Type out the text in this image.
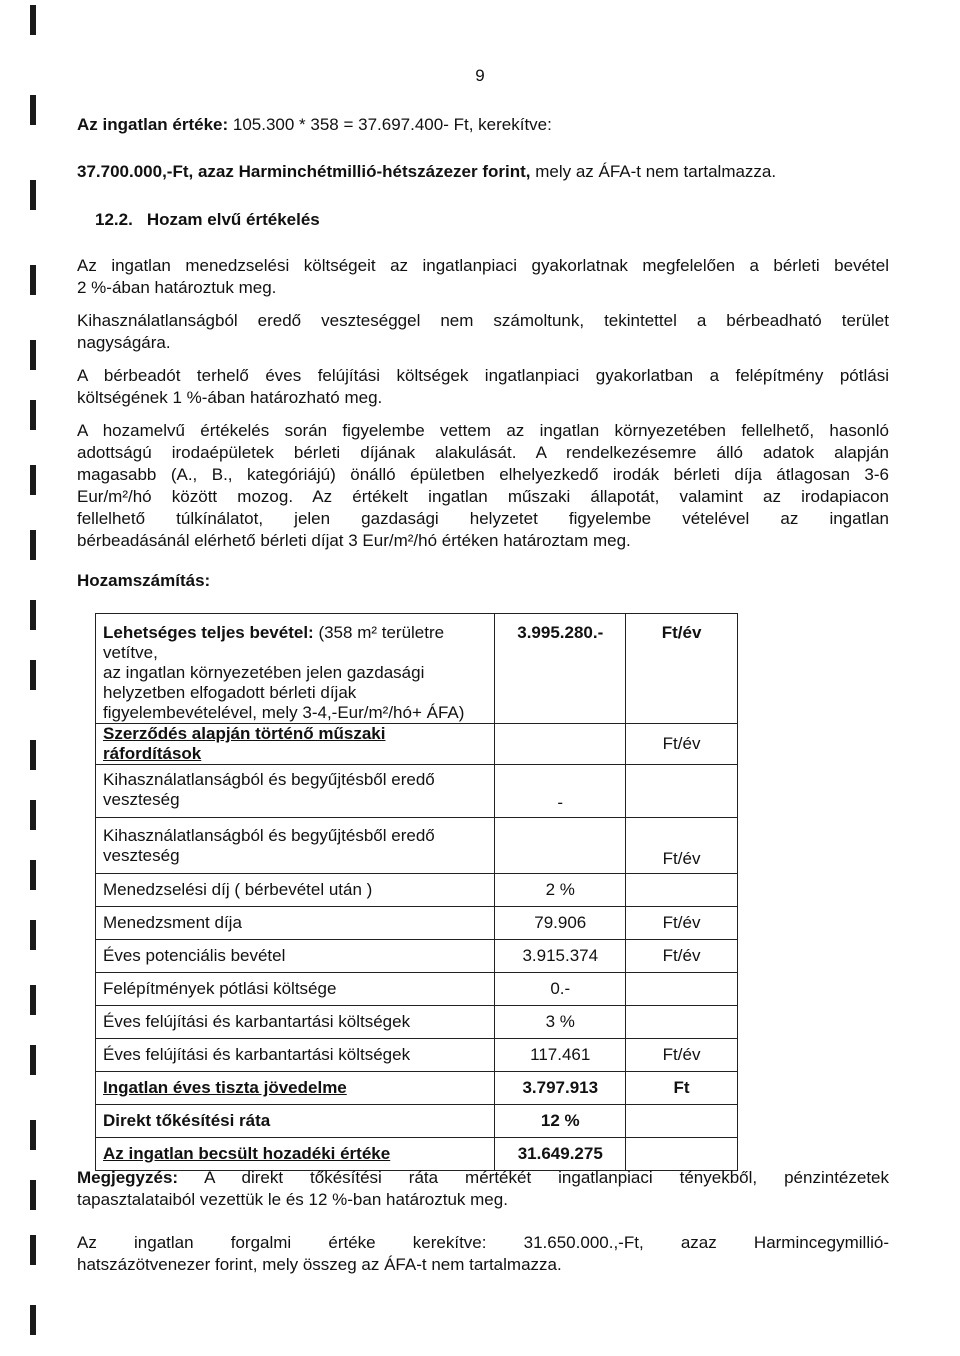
9
Az ingatlan értéke: 105.300 * 358 = 37.697.400- Ft, kerekítve:
37.700.000,-Ft, azaz Harminchétmillió-hétszázezer forint, mely az ÁFA-t nem tartalmazza.
12.2. Hozam elvű értékelés
Az ingatlan menedzselési költségeit az ingatlanpiaci gyakorlatnak megfelelően a bérleti bevétel
2 %-ában határoztuk meg.
Kihasználatlanságból eredő veszteséggel nem számoltunk, tekintettel a bérbeadható terület
nagyságára.
A bérbeadót terhelő éves felújítási költségek ingatlanpiaci gyakorlatban a felépítmény pótlási
költségének 1 %-ában határozható meg.
A hozamelvű értékelés során figyelembe vettem az ingatlan környezetében fellelhető, hasonló
adottságú irodaépületek bérleti díjának alakulását. A rendelkezésemre álló adatok alapján
magasabb (A., B., kategóriájú) önálló épületben elhelyezkedő irodák bérleti díja átlagosan 3-6
Eur/m²/hó között mozog. Az értékelt ingatlan műszaki állapotát, valamint az irodapiacon
fellelhető túlkínálatot, jelen gazdasági helyzetet figyelembe vételével az ingatlan
bérbeadásánál elérhető bérleti díjat 3 Eur/m²/hó értéken határoztam meg.
Hozamszámítás:
Lehetséges teljes bevétel: (358 m² területre vetítve,
az ingatlan környezetében jelen gazdasági
helyzetben elfogadott bérleti díjak
figyelembevételével, mely 3-4,-Eur/m²/hó+ ÁFA)	3.995.280.-	Ft/év
Szerződés alapján történő műszaki ráfordítások		Ft/év
Kihasználatlanságból és begyűjtésből eredő
veszteség	-	
Kihasználatlanságból és begyűjtésből eredő
veszteség		Ft/év
Menedzselési díj ( bérbevétel után )	2 %	
Menedzsment díja	79.906	Ft/év
Éves potenciális bevétel	3.915.374	Ft/év
Felépítmények pótlási költsége	0.-	
Éves felújítási és karbantartási költségek	3 %	
Éves felújítási és karbantartási költségek	117.461	Ft/év
Ingatlan éves tiszta jövedelme	3.797.913	Ft
Direkt tőkésítési ráta	12 %	
Az ingatlan becsült hozadéki értéke	31.649.275	
Megjegyzés: A direkt tőkésítési ráta mértékét ingatlanpiaci tényekből, pénzintézetek
tapasztalataiból vezettük le és 12 %-ban határoztuk meg.
Az ingatlan forgalmi értéke kerekítve: 31.650.000.,-Ft, azaz Harmincegymillió-
hatszázötvenezer forint, mely összeg az ÁFA-t nem tartalmazza.
